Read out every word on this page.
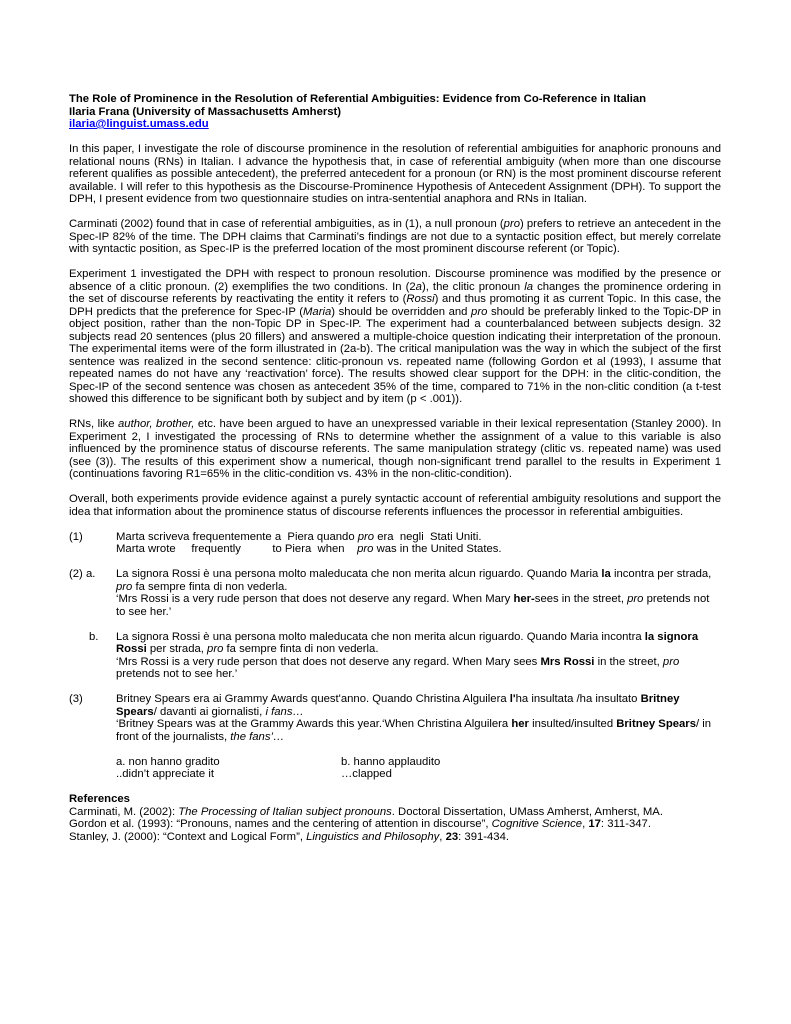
The Role of Prominence in the Resolution of Referential Ambiguities: Evidence from Co-Reference in Italian
Ilaria Frana (University of Massachusetts Amherst)
ilaria@linguist.umass.edu

In this paper, I investigate the role of discourse prominence in the resolution of referential ambiguities for anaphoric pronouns and relational nouns (RNs) in Italian. I advance the hypothesis that, in case of referential ambiguity (when more than one discourse referent qualifies as possible antecedent), the preferred antecedent for a pronoun (or RN) is the most prominent discourse referent available. I will refer to this hypothesis as the Discourse-Prominence Hypothesis of Antecedent Assignment (DPH). To support the DPH, I present evidence from two questionnaire studies on intra-sentential anaphora and RNs in Italian.

Carminati (2002) found that in case of referential ambiguities, as in (1), a null pronoun (pro) prefers to retrieve an antecedent in the Spec-IP 82% of the time. The DPH claims that Carminati’s findings are not due to a syntactic position effect, but merely correlate with syntactic position, as Spec-IP is the preferred location of the most prominent discourse referent (or Topic).

Experiment 1 investigated the DPH with respect to pronoun resolution. Discourse prominence was modified by the presence or absence of a clitic pronoun. (2) exemplifies the two conditions. In (2a), the clitic pronoun la changes the prominence ordering in the set of discourse referents by reactivating the entity it refers to (Rossi) and thus promoting it as current Topic. In this case, the DPH predicts that the preference for Spec-IP (Maria) should be overridden and pro should be preferably linked to the Topic-DP in object position, rather than the non-Topic DP in Spec-IP. The experiment had a counterbalanced between subjects design. 32 subjects read 20 sentences (plus 20 fillers) and answered a multiple-choice question indicating their interpretation of the pronoun. The experimental items were of the form illustrated in (2a-b). The critical manipulation was the way in which the subject of the first sentence was realized in the second sentence: clitic-pronoun vs. repeated name (following Gordon et al (1993), I assume that repeated names do not have any ‘reactivation’ force). The results showed clear support for the DPH: in the clitic-condition, the Spec-IP of the second sentence was chosen as antecedent 35% of the time, compared to 71% in the non-clitic condition (a t-test showed this difference to be significant both by subject and by item (p < .001)).

RNs, like author, brother, etc. have been argued to have an unexpressed variable in their lexical representation (Stanley 2000). In Experiment 2, I investigated the processing of RNs to determine whether the assignment of a value to this variable is also influenced by the prominence status of discourse referents. The same manipulation strategy (clitic vs. repeated name) was used (see (3)). The results of this experiment show a numerical, though non-significant trend parallel to the results in Experiment 1 (continuations favoring R1=65% in the clitic-condition vs. 43% in the non-clitic-condition).

Overall, both experiments provide evidence against a purely syntactic account of referential ambiguity resolutions and support the idea that information about the prominence status of discourse referents influences the processor in referential ambiguities.

(1)	Marta scriveva frequentemente a  Piera quando pro era  negli  Stati Uniti.
Marta wrote     frequently          to Piera  when    pro was in the United States.
(2) a.	La signora Rossi è una persona molto maleducata che non merita alcun riguardo. Quando Maria la incontra per strada, pro fa sempre finta di non vederla.
‘Mrs Rossi is a very rude person that does not deserve any regard. When Mary her-sees in the street, pro pretends not to see her.’
b.	La signora Rossi è una persona molto maleducata che non merita alcun riguardo. Quando Maria incontra la signora Rossi per strada, pro fa sempre finta di non vederla.
‘Mrs Rossi is a very rude person that does not deserve any regard. When Mary sees Mrs Rossi in the street, pro pretends not to see her.’
(3)	Britney Spears era ai Grammy Awards quest'anno. Quando Christina Alguilera l'ha insultata /ha insultato Britney Spears/ davanti ai giornalisti, i fans…
‘Britney Spears was at the Grammy Awards this year.‘When Christina Alguilera her insulted/insulted Britney Spears/ in front of the journalists, the fans’…
a. non hanno gradito
..didn’t appreciate it
b. hanno applaudito
…clapped
References
Carminati, M. (2002): The Processing of Italian subject pronouns. Doctoral Dissertation, UMass Amherst, Amherst, MA.
Gordon et al. (1993): “Pronouns, names and the centering of attention in discourse”, Cognitive Science, 17: 311-347.
Stanley, J. (2000): “Context and Logical Form”, Linguistics and Philosophy, 23: 391-434.
